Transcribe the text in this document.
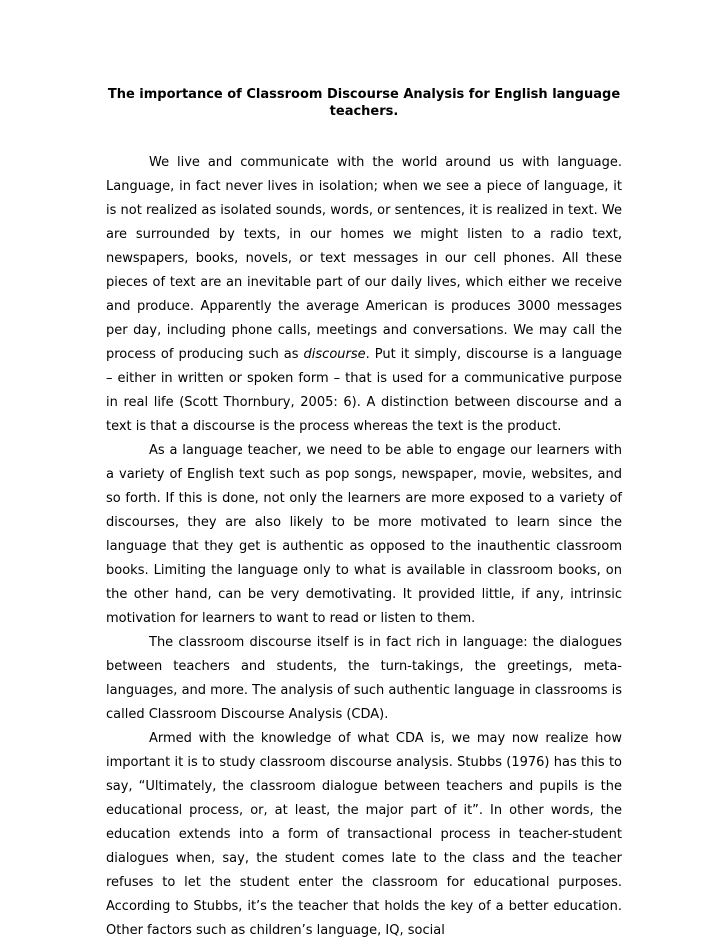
The importance of Classroom Discourse Analysis for English language teachers.

We live and communicate with the world around us with language. Language, in fact never lives in isolation; when we see a piece of language, it is not realized as isolated sounds, words, or sentences, it is realized in text. We are surrounded by texts, in our homes we might listen to a radio text, newspapers, books, novels, or text messages in our cell phones. All these pieces of text are an inevitable part of our daily lives, which either we receive and produce. Apparently the average American is produces 3000 messages per day, including phone calls, meetings and conversations. We may call the process of producing such as discourse. Put it simply, discourse is a language – either in written or spoken form – that is used for a communicative purpose in real life (Scott Thornbury, 2005: 6). A distinction between discourse and a text is that a discourse is the process whereas the text is the product.

As a language teacher, we need to be able to engage our learners with a variety of English text such as pop songs, newspaper, movie, websites, and so forth. If this is done, not only the learners are more exposed to a variety of discourses, they are also likely to be more motivated to learn since the language that they get is authentic as opposed to the inauthentic classroom books. Limiting the language only to what is available in classroom books, on the other hand, can be very demotivating. It provided little, if any, intrinsic motivation for learners to want to read or listen to them.

The classroom discourse itself is in fact rich in language: the dialogues between teachers and students, the turn-takings, the greetings, meta-languages, and more. The analysis of such authentic language in classrooms is called Classroom Discourse Analysis (CDA).

Armed with the knowledge of what CDA is, we may now realize how important it is to study classroom discourse analysis. Stubbs (1976) has this to say, “Ultimately, the classroom dialogue between teachers and pupils is the educational process, or, at least, the major part of it”. In other words, the education extends into a form of transactional process in teacher-student dialogues when, say, the student comes late to the class and the teacher refuses to let the student enter the classroom for educational purposes. According to Stubbs, it’s the teacher that holds the key of a better education. Other factors such as children’s language, IQ, social
